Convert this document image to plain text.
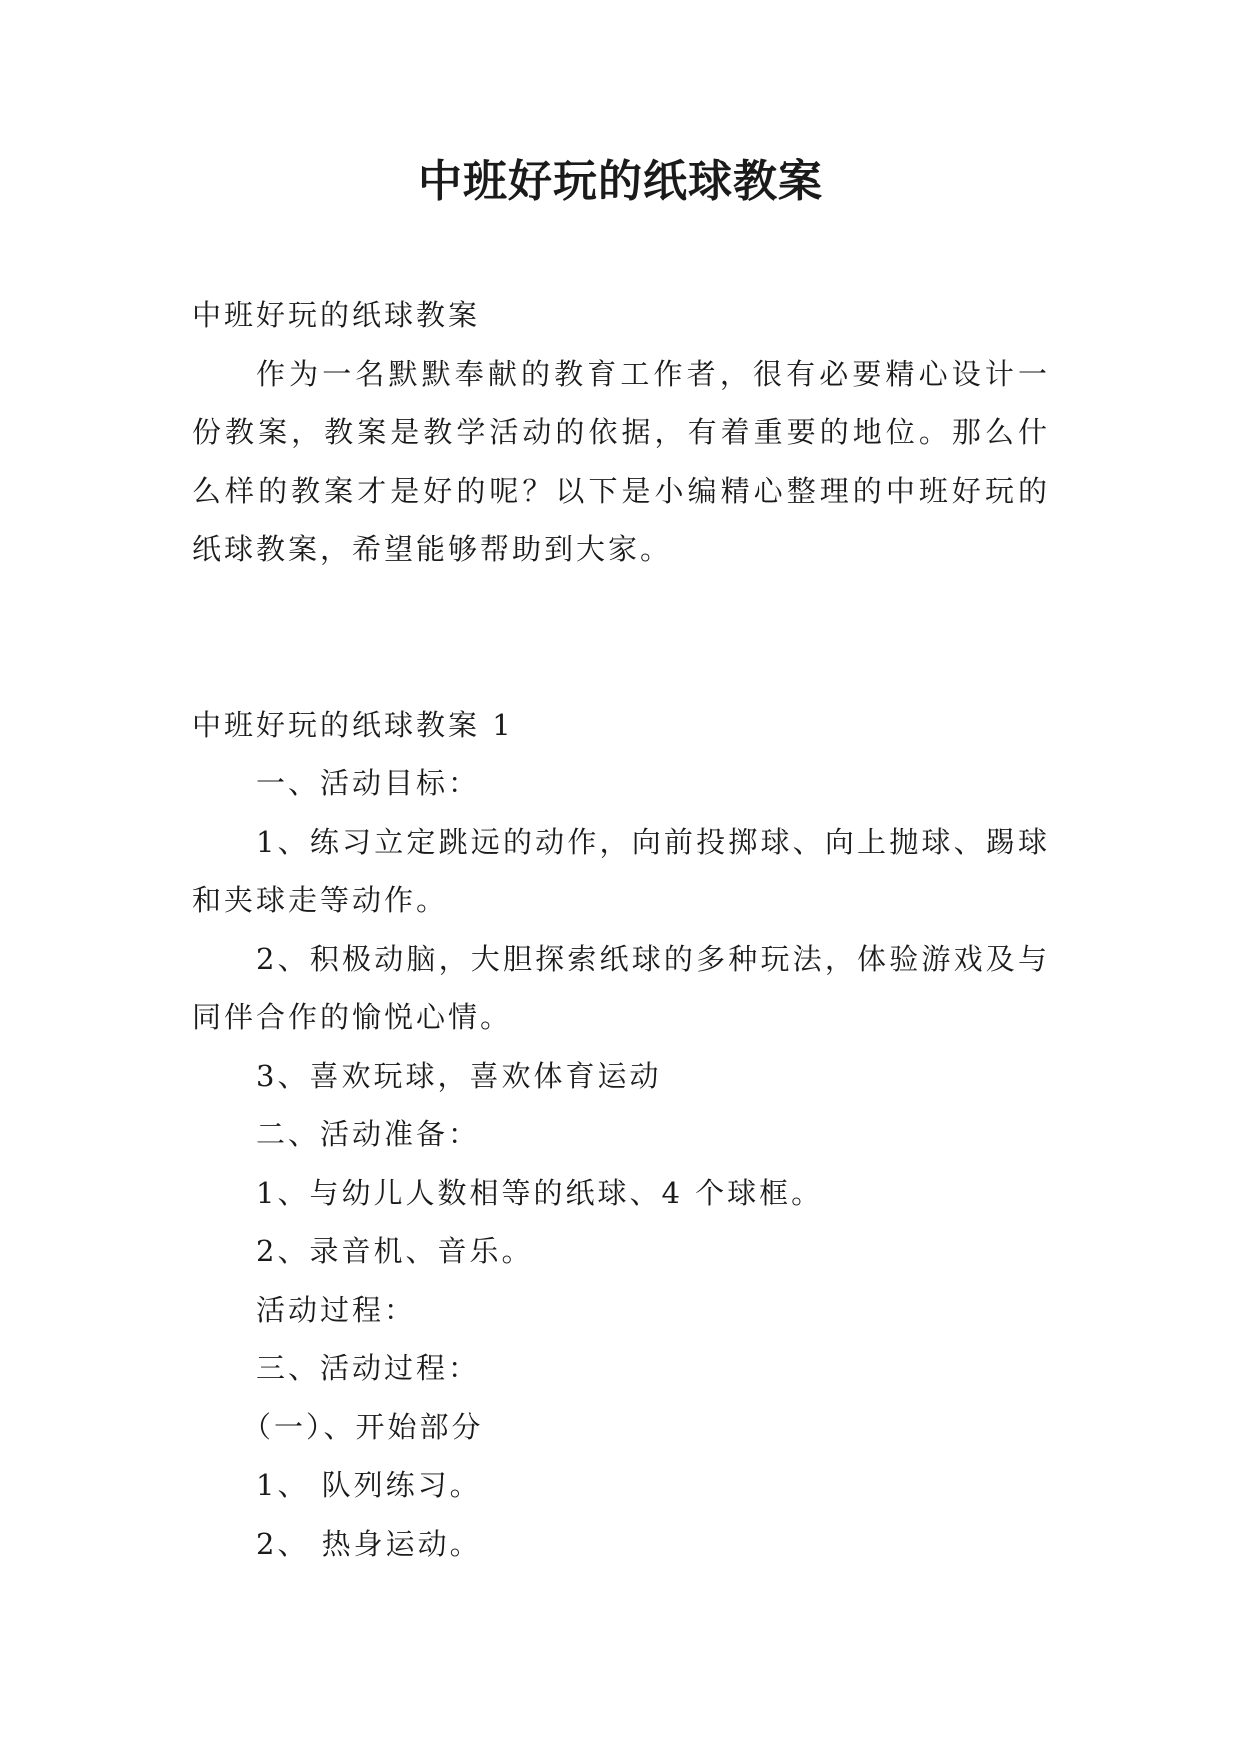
中班好玩的纸球教案

中班好玩的纸球教案

作为一名默默奉献的教育工作者，很有必要精心设计一份教案，教案是教学活动的依据，有着重要的地位。那么什么样的教案才是好的呢？以下是小编精心整理的中班好玩的纸球教案，希望能够帮助到大家。

中班好玩的纸球教案 1

一、活动目标：

1、练习立定跳远的动作，向前投掷球、向上抛球、踢球和夹球走等动作。

2、积极动脑，大胆探索纸球的多种玩法，体验游戏及与同伴合作的愉悦心情。

3、喜欢玩球，喜欢体育运动

二、活动准备：

1、与幼儿人数相等的纸球、4 个球框。

2、录音机、音乐。

活动过程：

三、活动过程：

（一）、开始部分

1、 队列练习。

2、 热身运动。
